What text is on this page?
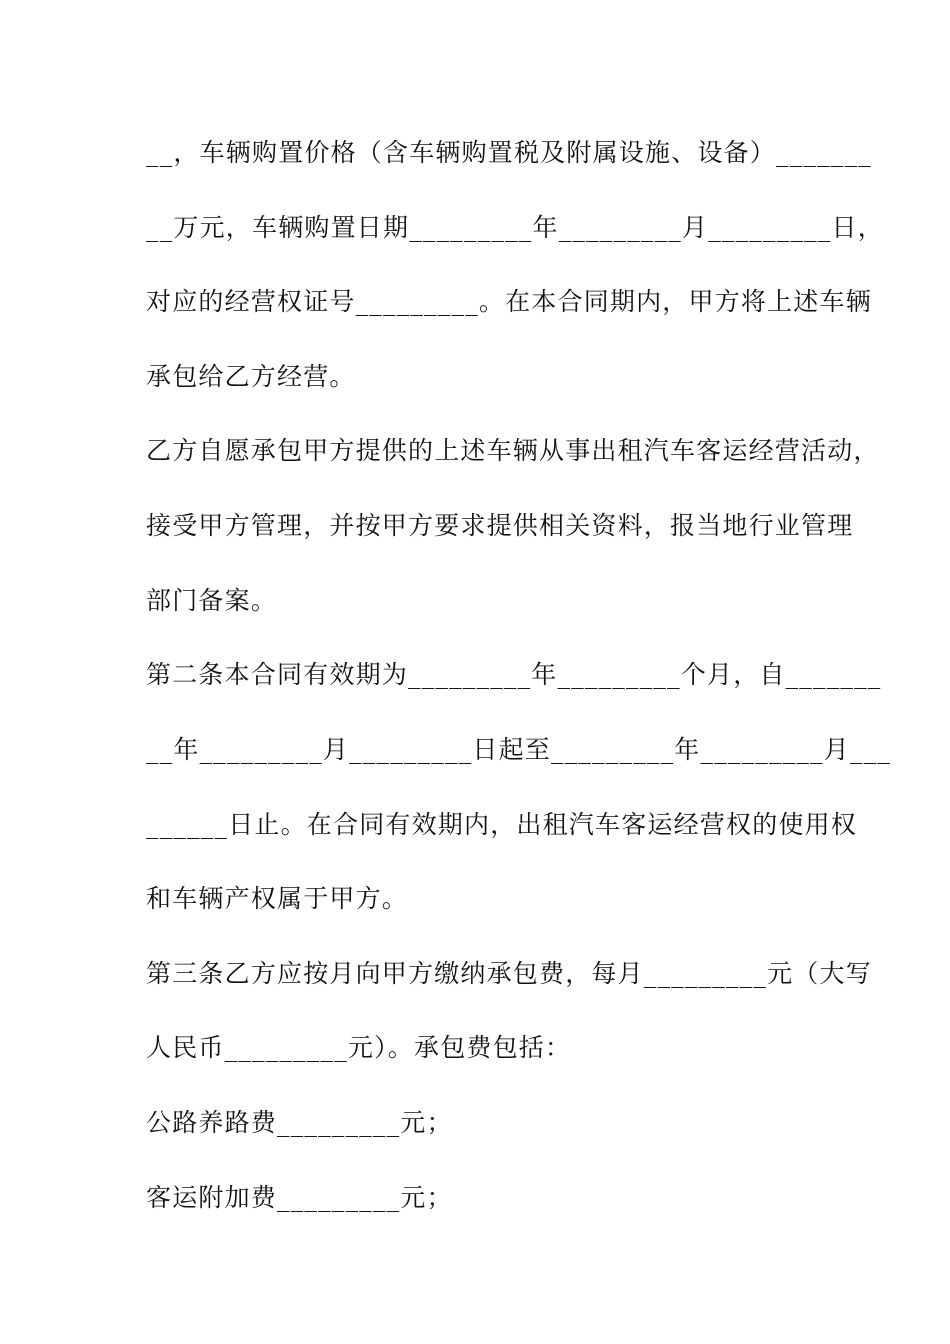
__，车辆购置价格（含车辆购置税及附属设施、设备）_______
__万元，车辆购置日期_________年_________月_________日，
对应的经营权证号_________。在本合同期内，甲方将上述车辆
承包给乙方经营。
乙方自愿承包甲方提供的上述车辆从事出租汽车客运经营活动，
接受甲方管理，并按甲方要求提供相关资料，报当地行业管理
部门备案。
第二条本合同有效期为_________年_________个月，自_______
__年_________月_________日起至_________年_________月___
______日止。在合同有效期内，出租汽车客运经营权的使用权
和车辆产权属于甲方。
第三条乙方应按月向甲方缴纳承包费，每月_________元（大写
人民币_________元）。承包费包括：
公路养路费_________元；
客运附加费_________元；
